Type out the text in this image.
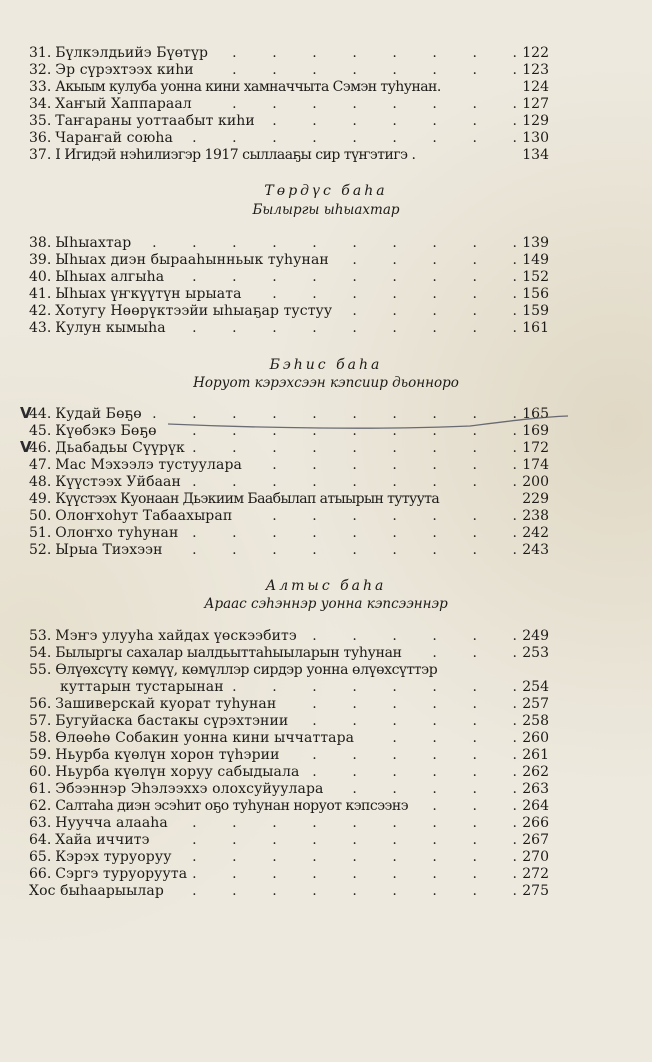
31. Бүлкэлдьийэ Бүөтүр .	122
32. Эр сүрэхтээх киһи .	123
33. Акыым кулуба уонна кини хамначчыта Сэмэн туһунан.	124
34. Хаҥый Хаппараал .	127
35. Таҥараны уоттаабыт киһи .	129
36. Чараҥай союһа .	130
37. I Игидэй нэһилиэгэр 1917 сыллааҕы сир түҥэтигэ .	134
Төрдүс баһа
Былыргы ыһыахтар
38. Ыһыахтар .	139
39. Ыһыах диэн бырааһынньык туһунан .	149
40. Ыһыах алгыһа .	152
41. Ыһыах үҥкүүтүн ырыата .	156
42. Хотугу Нөөрүктээйи ыһыаҕар тустуу .	159
43. Кулун кымыһа .	161
Бэһис баһа
Норуот кэрэхсээн кэпсиир дьонноро
44. Кудай Бөҕө .	165
45. Күөбэкэ Бөҕө .	169
46. Дьабадьы Сүүрүк .	172
47. Мас Мэхээлэ тустуулара .	174
48. Күүстээх Уйбаан .	200
49. Күүстээх Куонаан Дьэкиим Баабылап атыырын тутуута	229
50. Олоҥхоһут Табаахырап .	238
51. Олоҥхо туһунан .	242
52. Ырыа Тиэхээн .	243
Алтыс баһа
Араас сэһэннэр уонна кэпсээннэр
53. Мэҥэ улууһа хайдах үөскээбитэ .	249
54. Былыргы сахалар ыалдьыттаһыыларын туһунан .	253
55. Өлүөхсүтү көмүү, көмүллэр сирдэр уонна өлүөхсүттэр
куттарын тустарынан .	254
56. Зашиверскай куорат туһунан .	257
57. Бугуйаска бастакы сүрэхтэнии .	258
58. Өлөөһө Собакин уонна кини ыччаттара .	260
59. Ньурба күөлүн хорон түһэрии .	261
60. Ньурба күөлүн хоруу сабыдыала .	262
61. Эбээннэр Эһэлээххэ олохсуйуулара .	263
62. Салтаһа диэн эсэһит оҕо туһунан норуот кэпсээнэ .	264
63. Нууччa алааһа .	266
64. Хайа иччитэ .	267
65. Кэрэх туруоруу .	270
66. Сэргэ туруоруута .	272
Хос быһаарыылар .	275
V
V
